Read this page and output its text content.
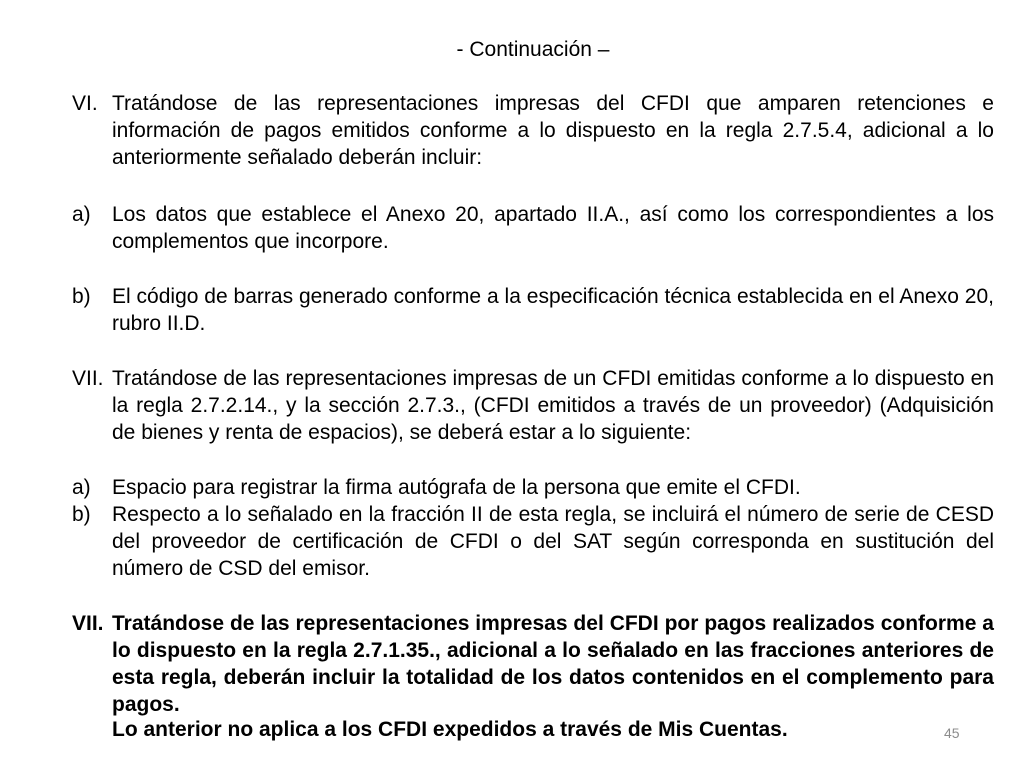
- Continuación –
VI. Tratándose de las representaciones impresas del CFDI que amparen retenciones e información de pagos emitidos conforme a lo dispuesto en la regla 2.7.5.4, adicional a lo anteriormente señalado deberán incluir:
a) Los datos que establece el Anexo 20, apartado II.A., así como los correspondientes a los complementos que incorpore.
b) El código de barras generado conforme a la especificación técnica establecida en el Anexo 20, rubro II.D.
VII. Tratándose de las representaciones impresas de un CFDI emitidas conforme a lo dispuesto en la regla 2.7.2.14., y la sección 2.7.3., (CFDI emitidos a través de un proveedor) (Adquisición de bienes y renta de espacios), se deberá estar a lo siguiente:
a) Espacio para registrar la firma autógrafa de la persona que emite el CFDI.
b) Respecto a lo señalado en la fracción II de esta regla, se incluirá el número de serie de CESD del proveedor de certificación de CFDI o del SAT según corresponda en sustitución del número de CSD del emisor.
VII. Tratándose de las representaciones impresas del CFDI por pagos realizados conforme a lo dispuesto en la regla 2.7.1.35., adicional a lo señalado en las fracciones anteriores de esta regla, deberán incluir la totalidad de los datos contenidos en el complemento para pagos.
Lo anterior no aplica a los CFDI expedidos a través de Mis Cuentas.	45
